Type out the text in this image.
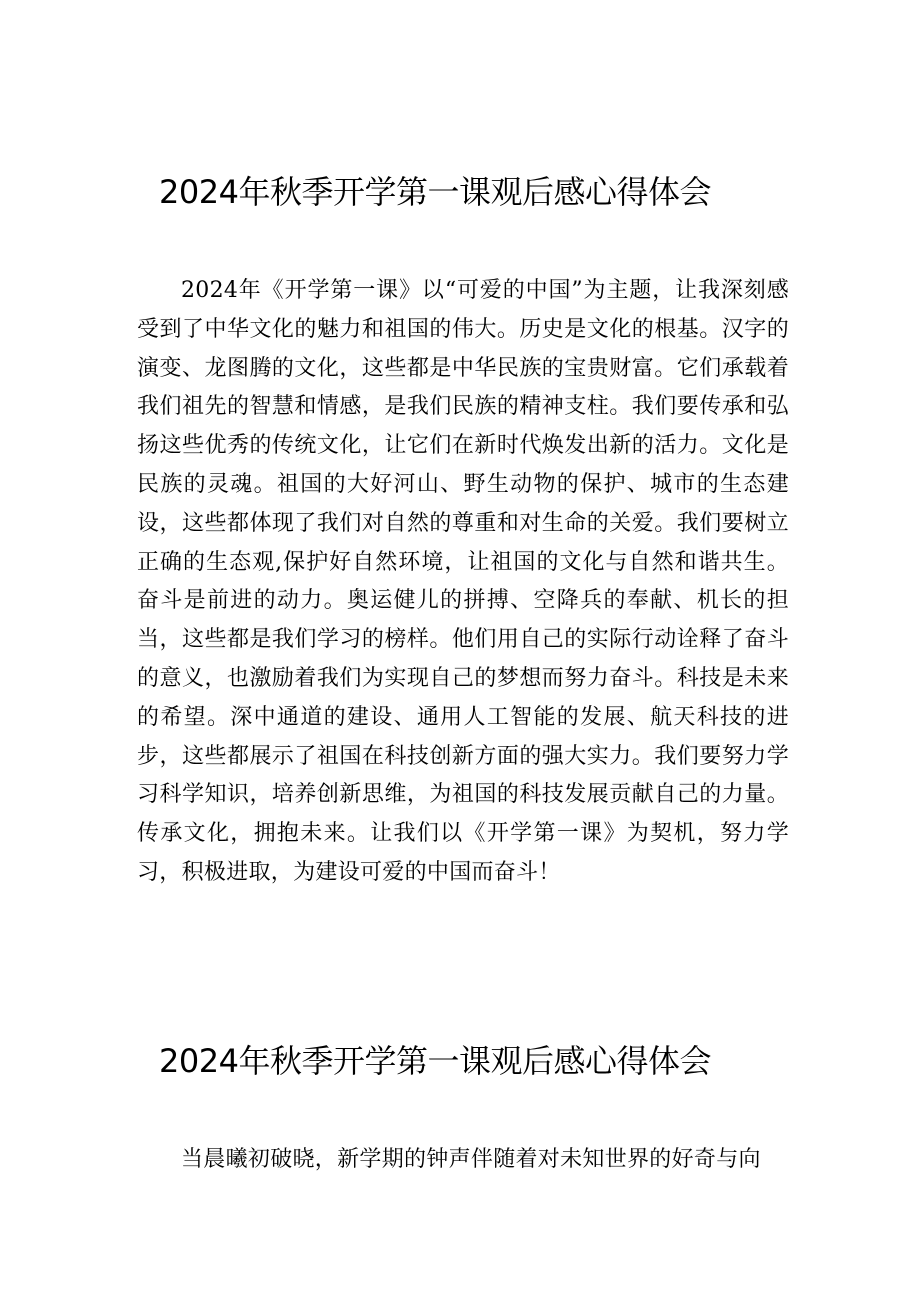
2024年秋季开学第一课观后感心得体会

2024年《开学第一课》以“可爱的中国”为主题，让我深刻感受到了中华文化的魅力和祖国的伟大。历史是文化的根基。汉字的演变、龙图腾的文化，这些都是中华民族的宝贵财富。它们承载着我们祖先的智慧和情感，是我们民族的精神支柱。我们要传承和弘扬这些优秀的传统文化，让它们在新时代焕发出新的活力。文化是民族的灵魂。祖国的大好河山、野生动物的保护、城市的生态建设，这些都体现了我们对自然的尊重和对生命的关爱。我们要树立正确的生态观,保护好自然环境，让祖国的文化与自然和谐共生。奋斗是前进的动力。奥运健儿的拼搏、空降兵的奉献、机长的担当，这些都是我们学习的榜样。他们用自己的实际行动诠释了奋斗的意义，也激励着我们为实现自己的梦想而努力奋斗。科技是未来的希望。深中通道的建设、通用人工智能的发展、航天科技的进步，这些都展示了祖国在科技创新方面的强大实力。我们要努力学习科学知识，培养创新思维，为祖国的科技发展贡献自己的力量。传承文化，拥抱未来。让我们以《开学第一课》为契机，努力学习，积极进取，为建设可爱的中国而奋斗！

2024年秋季开学第一课观后感心得体会

当晨曦初破晓，新学期的钟声伴随着对未知世界的好奇与向
